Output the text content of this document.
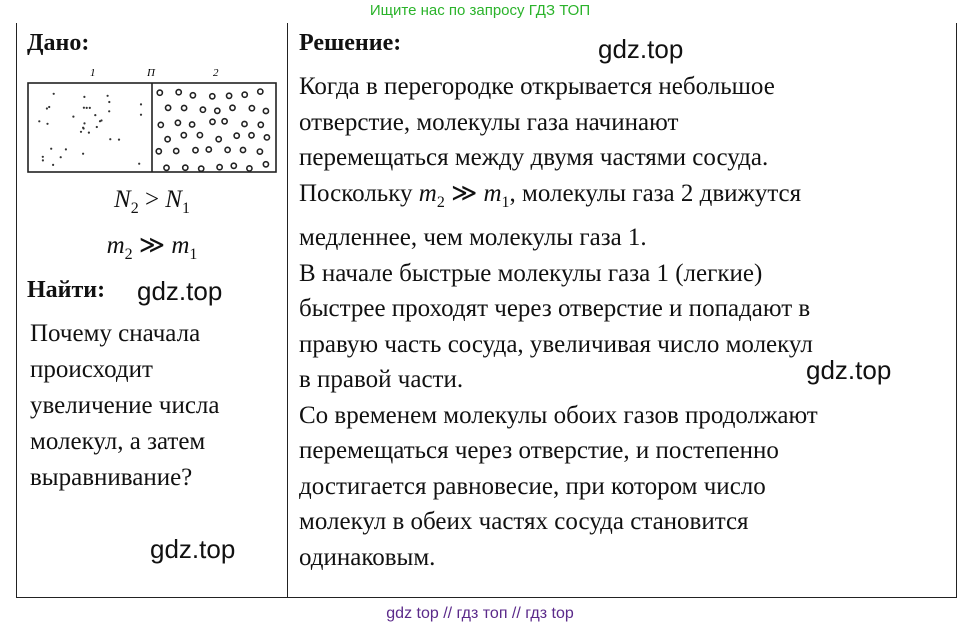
Ищите нас по запросу ГДЗ ТОП
Дано:
1	П	2
$N_2 > N_1$
$m_2$ ≫ $m_1$
Найти: gdz.top
Почему сначала
происходит
увеличение числа
молекул, а затем
выравнивание?
gdz.top
Решение:	gdz.top
Когда в перегородке открывается небольшое
отверстие, молекулы газа начинают
перемещаться между двумя частями сосуда.
Поскольку $m_2$ ≫ $m_1$, молекулы газа 2 движутся
медленнее, чем молекулы газа 1.
В начале быстрые молекулы газа 1 (легкие)
быстрее проходят через отверстие и попадают в
правую часть сосуда, увеличивая число молекул
в правой части.
Со временем молекулы обоих газов продолжают
перемещаться через отверстие, и постепенно
достигается равновесие, при котором число
молекул в обеих частях сосуда становится
одинаковым.
gdz.top
gdz top // гдз топ // гдз top
